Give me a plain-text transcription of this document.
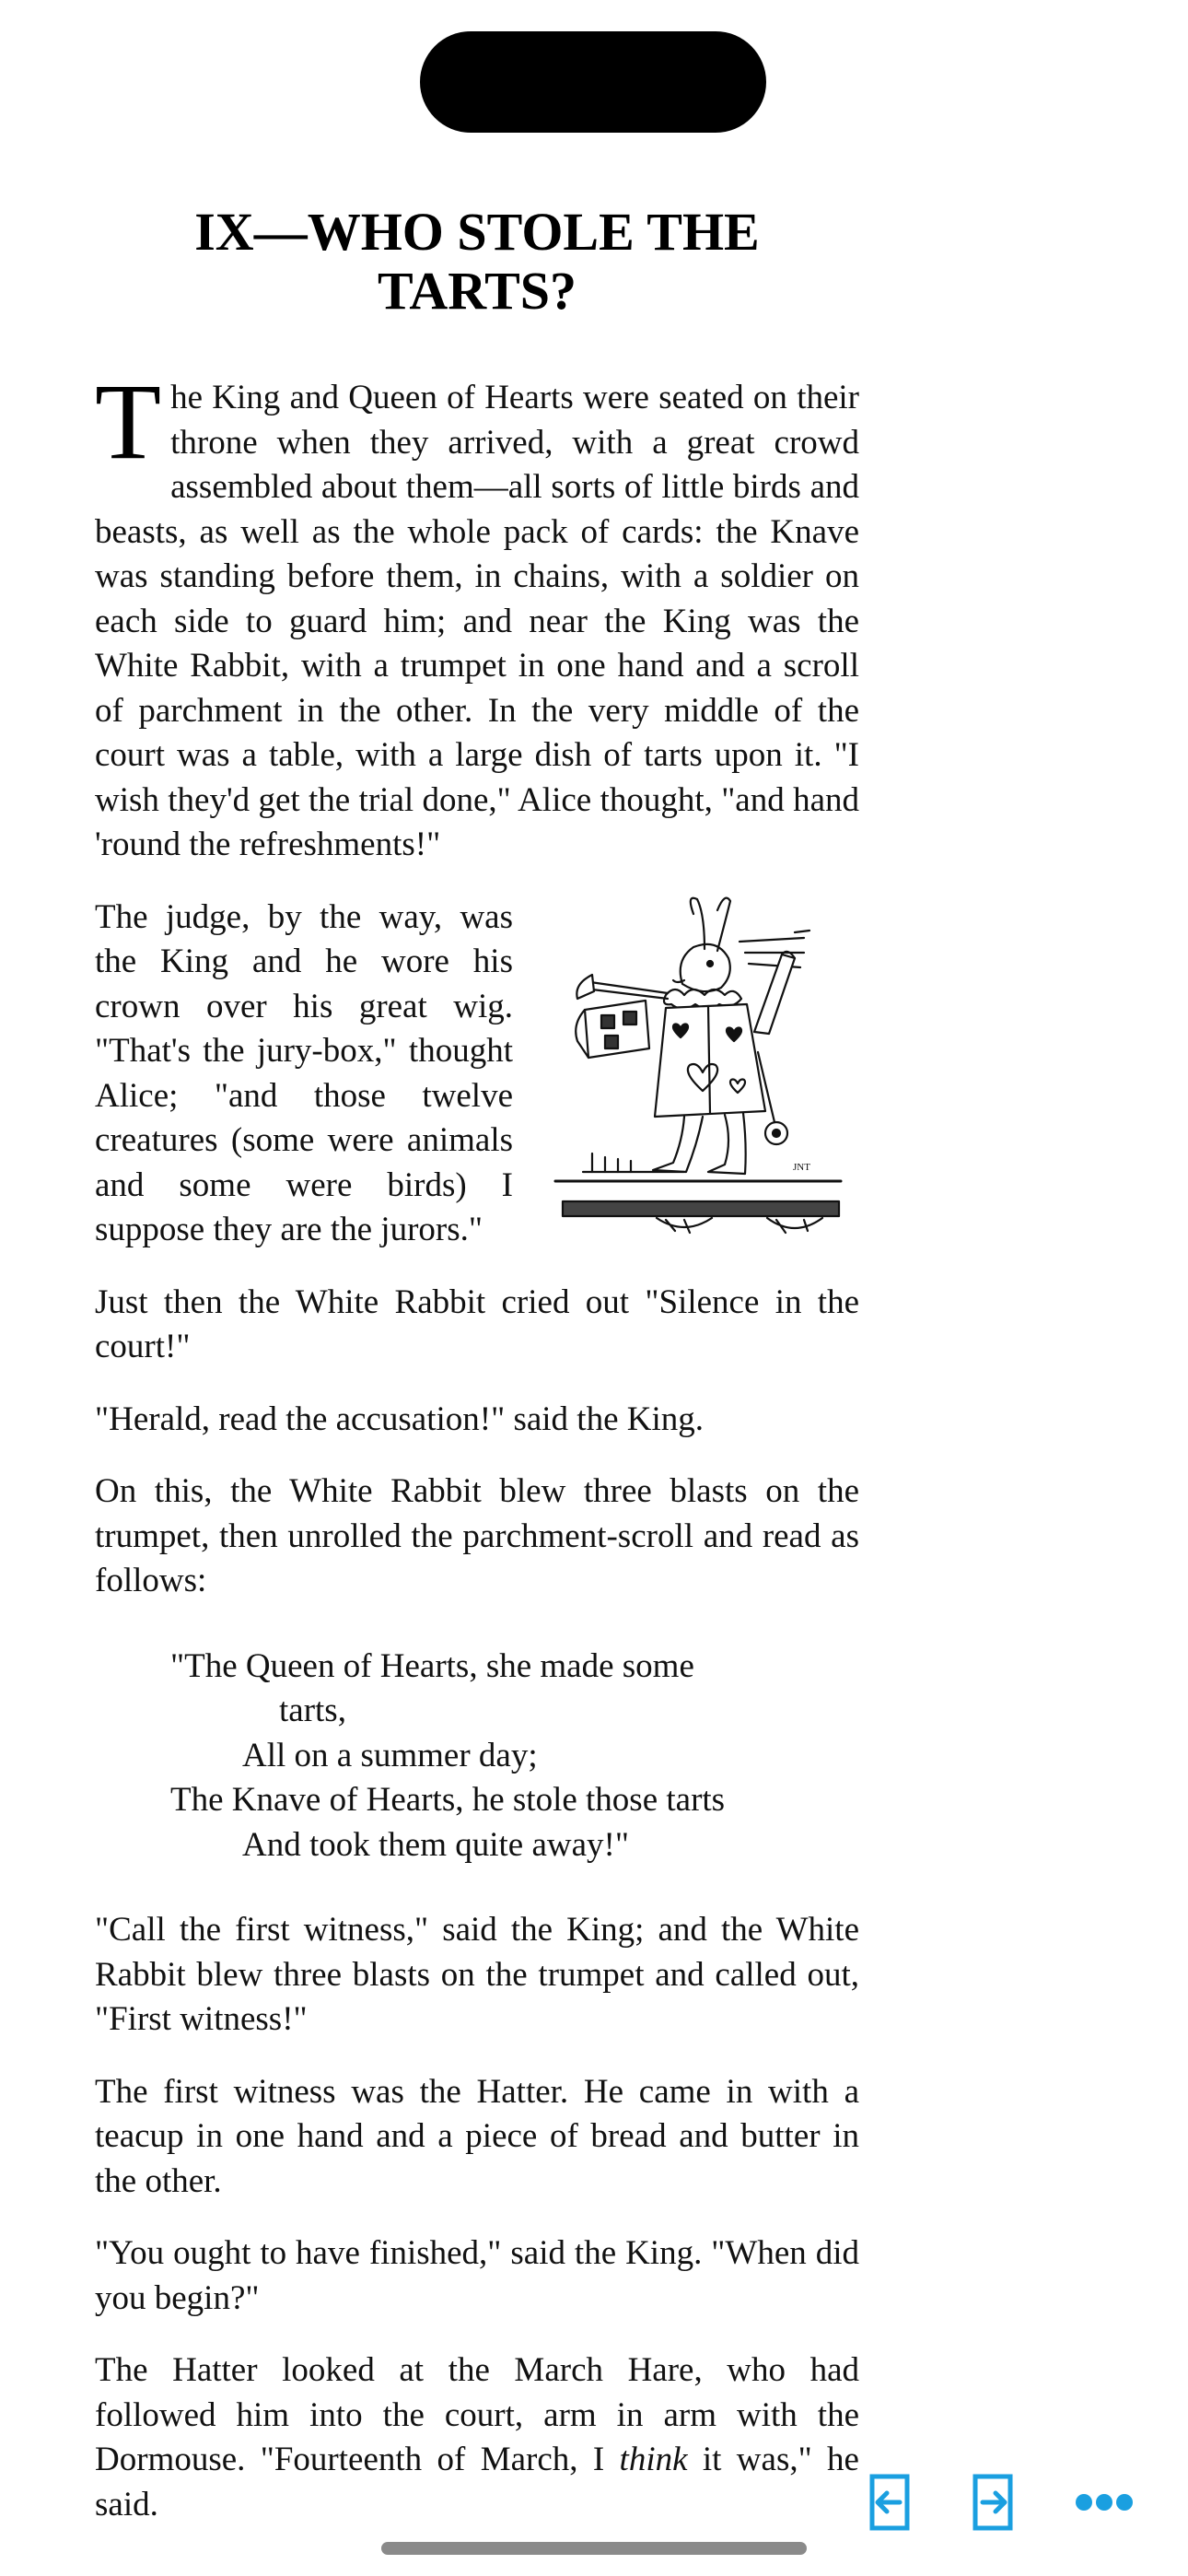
IX—WHO STOLE THE TARTS?

The King and Queen of Hearts were seated on their throne when they arrived, with a great crowd assembled about them—all sorts of little birds and beasts, as well as the whole pack of cards: the Knave was standing before them, in chains, with a soldier on each side to guard him; and near the King was the White Rabbit, with a trumpet in one hand and a scroll of parchment in the other. In the very middle of the court was a table, with a large dish of tarts upon it. "I wish they'd get the trial done," Alice thought, "and hand 'round the refreshments!"

JNT

The judge, by the way, was the King and he wore his crown over his great wig. "That's the jury-box," thought Alice; "and those twelve creatures (some were animals and some were birds) I suppose they are the jurors."

Just then the White Rabbit cried out "Silence in the court!"

"Herald, read the accusation!" said the King.

On this, the White Rabbit blew three blasts on the trumpet, then unrolled the parchment-scroll and read as follows:

"The Queen of Hearts, she made some
tarts,
All on a summer day;
The Knave of Hearts, he stole those tarts
And took them quite away!"

"Call the first witness," said the King; and the White Rabbit blew three blasts on the trumpet and called out, "First witness!"

The first witness was the Hatter. He came in with a teacup in one hand and a piece of bread and butter in the other.

"You ought to have finished," said the King. "When did you begin?"

The Hatter looked at the March Hare, who had followed him into the court, arm in arm with the Dormouse. "Fourteenth of March, I think it was," he said.
